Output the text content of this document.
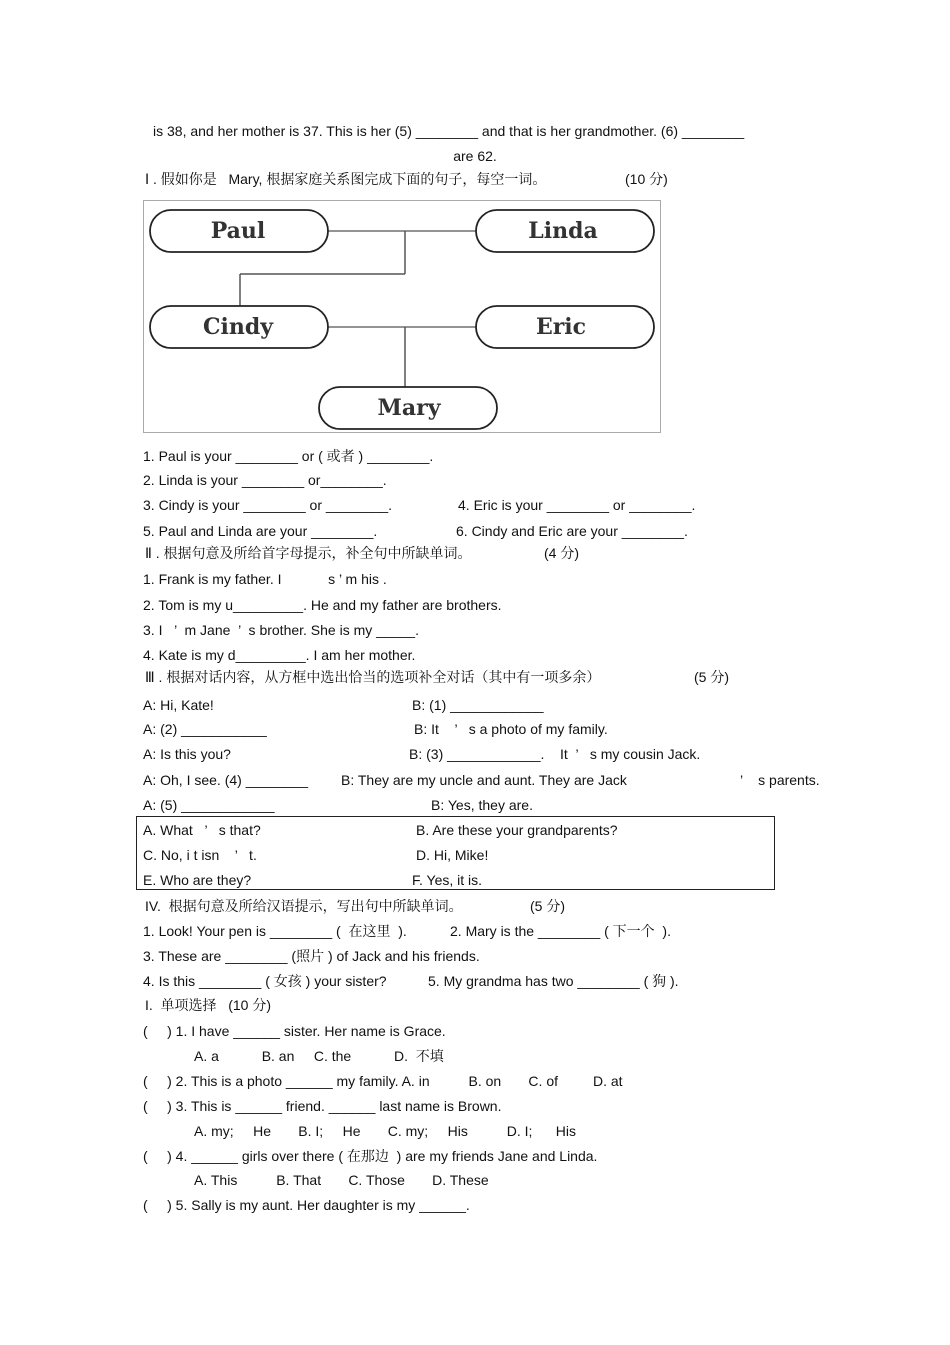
is 38, and her mother is 37. This is her (5) ________ and that is her grandmother. (6) ________
are 62.
Ⅰ . 假如你是   Mary, 根据家庭关系图完成下面的句子，每空一词。	(10 分)
Paul	Linda
Cindy	Eric
Mary
1. Paul is your ________ or ( 或者 ) ________.
2. Linda is your ________ or________.
3. Cindy is your ________ or ________.	4. Eric is your ________ or ________.
5. Paul and Linda are your ________.	6. Cindy and Eric are your ________.
Ⅱ . 根据句意及所给首字母提示，补全句中所缺单词。	(4 分)
1. Frank is my father. I            s ’ m his .
2. Tom is my u_________. He and my father are brothers.
3. I   ’  m Jane  ’  s brother. She is my _____.
4. Kate is my d_________. I am her mother.
Ⅲ . 根据对话内容，从方框中选出恰当的选项补全对话（其中有一项多余）	(5 分)
A: Hi, Kate!	B: (1) ____________
A: (2) ___________	B: It    ’   s a photo of my family.
A: Is this you?	B: (3) ____________.    It  ’   s my cousin Jack.
A: Oh, I see. (4) ________ B: They are my uncle and aunt. They are Jack	’    s parents.
A: (5) ____________	B: Yes, they are.
A. What   ’   s that?	B. Are these your grandparents?
C. No, i t isn    ’   t.	D. Hi, Mike!
E. Who are they?	F. Yes, it is.
IV.  根据句意及所给汉语提示，写出句中所缺单词。	(5 分)
1. Look! Your pen is ________ (  在这里  ).	2. Mary is the ________ ( 下一个  ).
3. These are ________ (照片 ) of Jack and his friends.
4. Is this ________ ( 女孩 ) your sister?	5. My grandma has two ________ ( 狗 ).
I.  单项选择   (10 分)
(     ) 1. I have ______ sister. Her name is Grace.
A. a           B. an     C. the           D.  不填
(     ) 2. This is a photo ______ my family. A. in          B. on       C. of         D. at
(     ) 3. This is ______ friend. ______ last name is Brown.
A. my;     He       B. I;     He       C. my;     His          D. I;      His
(     ) 4. ______ girls over there ( 在那边  ) are my friends Jane and Linda.
A. This          B. That       C. Those       D. These
(     ) 5. Sally is my aunt. Her daughter is my ______.
